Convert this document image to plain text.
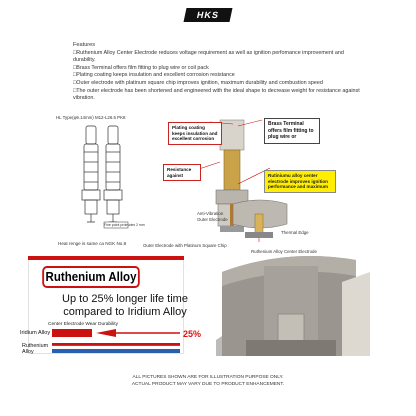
HKS
Features
□Ruthenium Alloy Center Electrode reduces voltage requirement as well as ignition perfomance improvement and durability.
□Brass Terminal offers film fitting to plug wire or coil pack
□Plating coating keeps insulation and excellent corrosion resistance
□Outer electrode with platinum square chip improves ignition, maximum durability and combustion speed
□The outer electrode has been shortened and engineered with the ideal shape to decrease weight for resistance against vibration.
HL Type(φ9.14mm) M12-L26.5 PK8
Fine point protrudes 2 mm
Heat renge is same ca NGK No.8
Plating coating keeps insulation and excellent corrosion
Brass Terminal offers film fitting to plug wire or
Resistance against	Rutiniumu alloy center electrode improves ignition performance and maximum
Anti-Vibration
Outer Electrode
Thermal Edge
Outer Electrode with Platinum Square Chip
Ruthenium Alloy Center Electrode
Ruthenium Alloy
Up to 25% longer life time compared to Iridium Alloy
Center Electrode Wear Durability
Iridium Alloy
Ruthenium Alloy
25%
ALL PICTURES SHOWN ARE FOR ILLUSTRATION PURPOSE ONLY.
ACTUAL PRODUCT MAY VARY DUE TO PRODUCT ENHANCEMENT.
